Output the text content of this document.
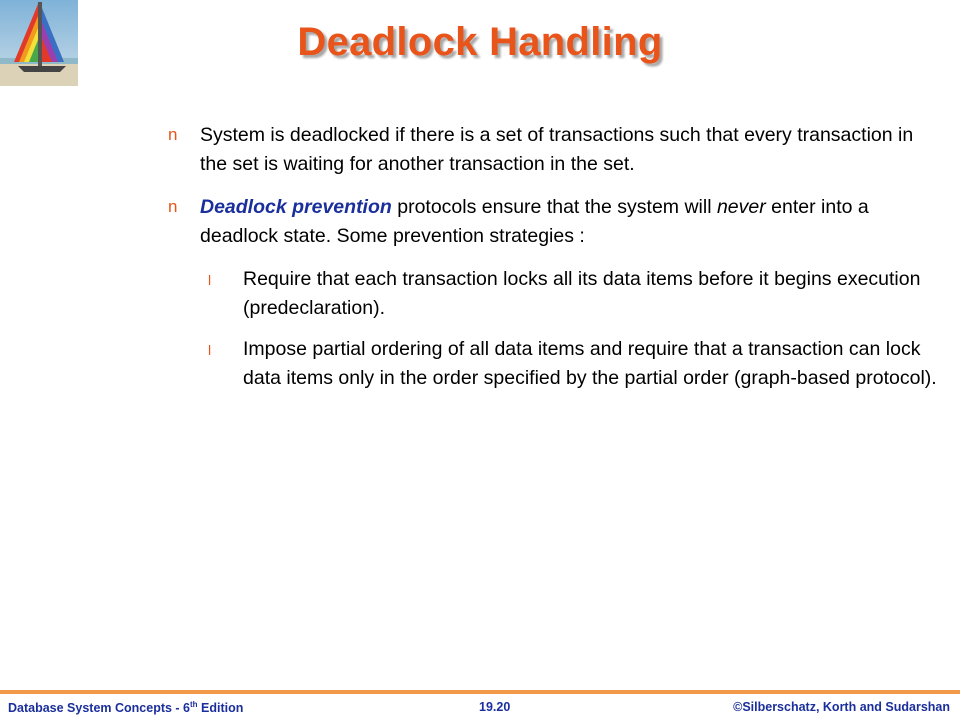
Deadlock Handling
n System is deadlocked if there is a set of transactions such that every transaction in the set is waiting for another transaction in the set.
n Deadlock prevention protocols ensure that the system will never enter into a deadlock state. Some prevention strategies :
l Require that each transaction locks all its data items before it begins execution (predeclaration).
l Impose partial ordering of all data items and require that a transaction can lock data items only in the order specified by the partial order (graph-based protocol).
Database System Concepts - 6th Edition	19.20	©Silberschatz, Korth and Sudarshan
